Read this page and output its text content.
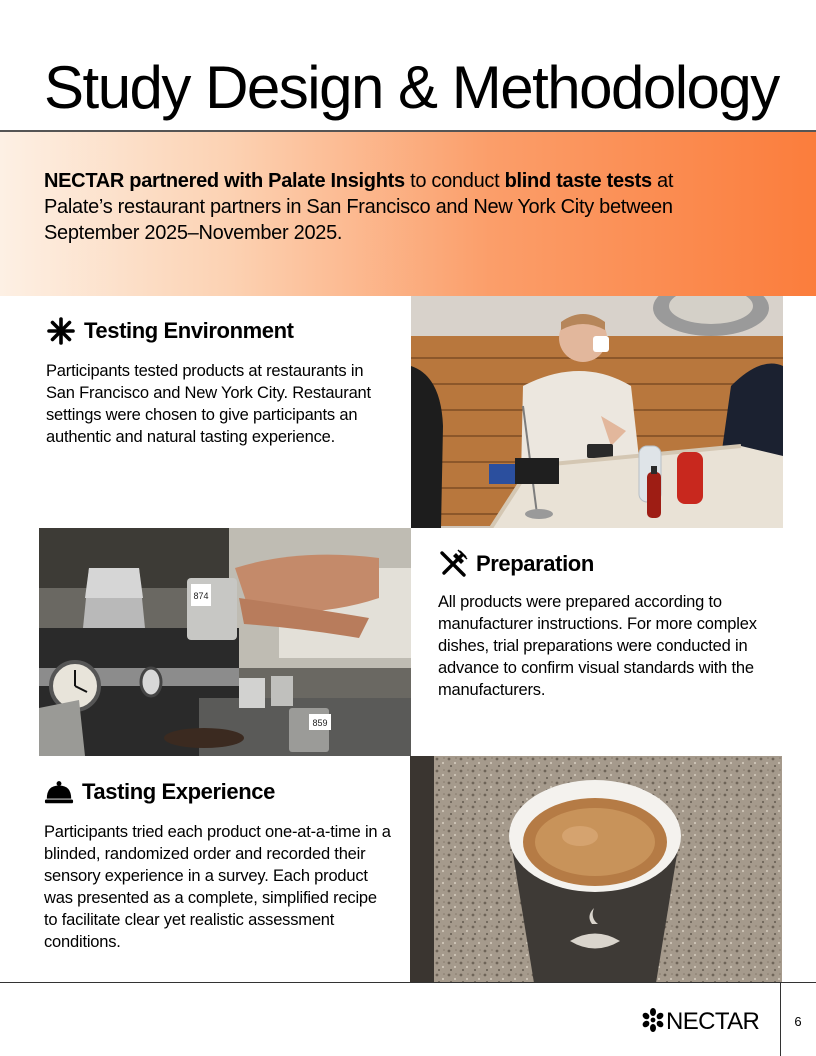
Study Design & Methodology

NECTAR partnered with Palate Insights to conduct blind taste tests at Palate’s restaurant partners in San Francisco and New York City between September 2025–November 2025.

Testing Environment

Participants tested products at restaurants in San Francisco and New York City. Restaurant settings were chosen to give participants an authentic and natural tasting experience.

874
859
Preparation

All products were prepared according to manufacturer instructions. For more complex dishes, trial preparations were conducted in advance to confirm visual standards with the manufacturers.

Tasting Experience

Participants tried each product one-at-a-time in a blinded, randomized order and recorded their sensory experience in a survey. Each product was presented as a complete, simplified recipe to facilitate clear yet realistic assessment conditions.

NECTAR	6
